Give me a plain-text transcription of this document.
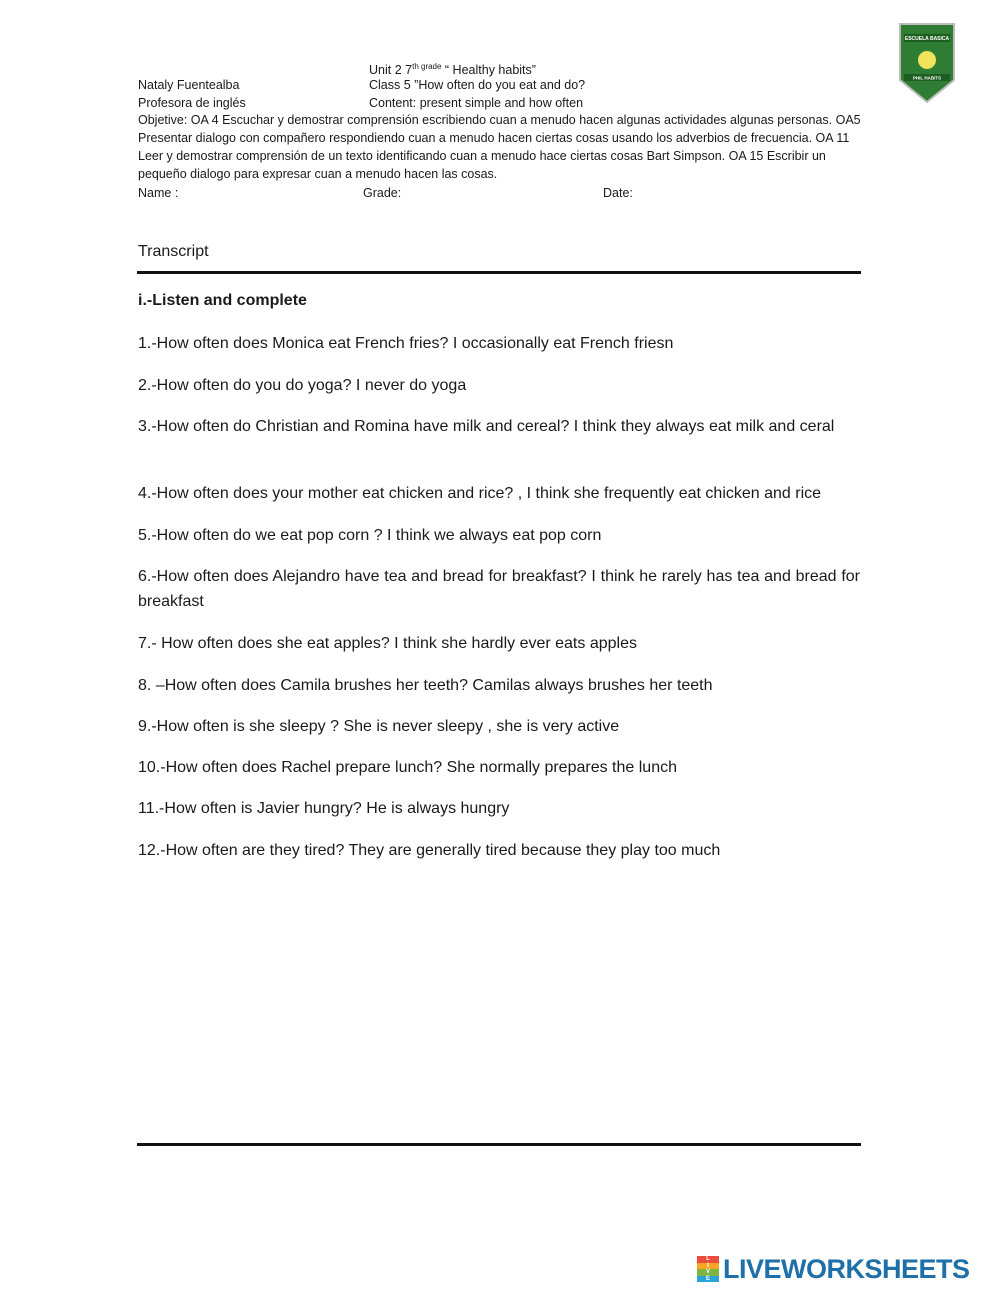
Unit 2 $7^{th grade}$ “ Healthy habits”
Nataly Fuentealba	Class 5 ”How often do you eat and do?
Profesora de inglés	Content: present simple and how often
Objetive: OA 4 Escuchar y demostrar comprensión escribiendo cuan a menudo hacen algunas actividades algunas personas. OA5 Presentar dialogo con compañero respondiendo cuan a menudo hacen ciertas cosas usando los adverbios de frecuencia. OA 11 Leer y demostrar comprensión de un texto identificando cuan a menudo hace ciertas cosas Bart Simpson. OA 15 Escribir un pequeño dialogo para expresar cuan a menudo hacen las cosas.
Name :	Grade:	Date:
ESCUELA BASICA
PHIL HABITS
Transcript
i.-Listen and complete
1.-How often does Monica eat French fries? I occasionally eat French friesn
2.-How often do you do yoga? I never do yoga
3.-How often do Christian and Romina have milk and cereal? I think they always eat milk and ceral
4.-How often does your mother eat chicken and rice? , I think she frequently eat chicken and rice
5.-How often do we eat pop corn ? I think we always eat pop corn
6.-How often does Alejandro have tea and bread for breakfast? I think he rarely has tea and bread for breakfast
7.- How often does she eat apples? I think she hardly ever eats apples
8. –How often does Camila brushes her teeth? Camilas always brushes her teeth
9.-How often is she sleepy ? She is never sleepy , she is very active
10.-How often does Rachel prepare lunch? She normally prepares the lunch
11.-How often is Javier hungry? He is always hungry
12.-How often are they tired? They are generally tired because they play too much
L
I
V
E LIVEWORKSHEETS
